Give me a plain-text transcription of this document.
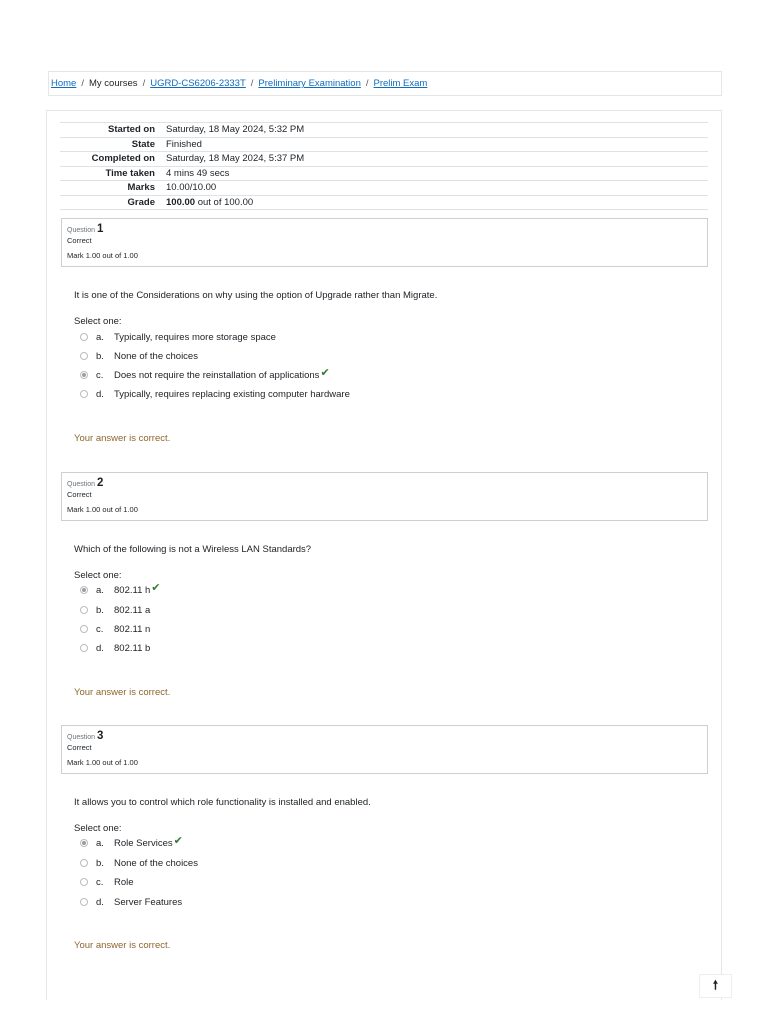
Home / My courses / UGRD-CS6206-2333T / Preliminary Examination / Prelim Exam
Started on	Saturday, 18 May 2024, 5:32 PM
State	Finished
Completed on	Saturday, 18 May 2024, 5:37 PM
Time taken	4 mins 49 secs
Marks	10.00/10.00
Grade	100.00 out of 100.00
Question 1
Correct
Mark 1.00 out of 1.00
It is one of the Considerations on why using the option of Upgrade rather than Migrate.
Select one:
a.	Typically, requires more storage space
b.	None of the choices
c.	Does not require the reinstallation of applications ✔
d.	Typically, requires replacing existing computer hardware
Your answer is correct.
Question 2
Correct
Mark 1.00 out of 1.00
Which of the following is not a Wireless LAN Standards?
Select one:
a.	802.11 h ✔
b.	802.11 a
c.	802.11 n
d.	802.11 b
Your answer is correct.
Question 3
Correct
Mark 1.00 out of 1.00
It allows you to control which role functionality is installed and enabled.
Select one:
a.	Role Services ✔
b.	None of the choices
c.	Role
d.	Server Features
Your answer is correct.
🠕
